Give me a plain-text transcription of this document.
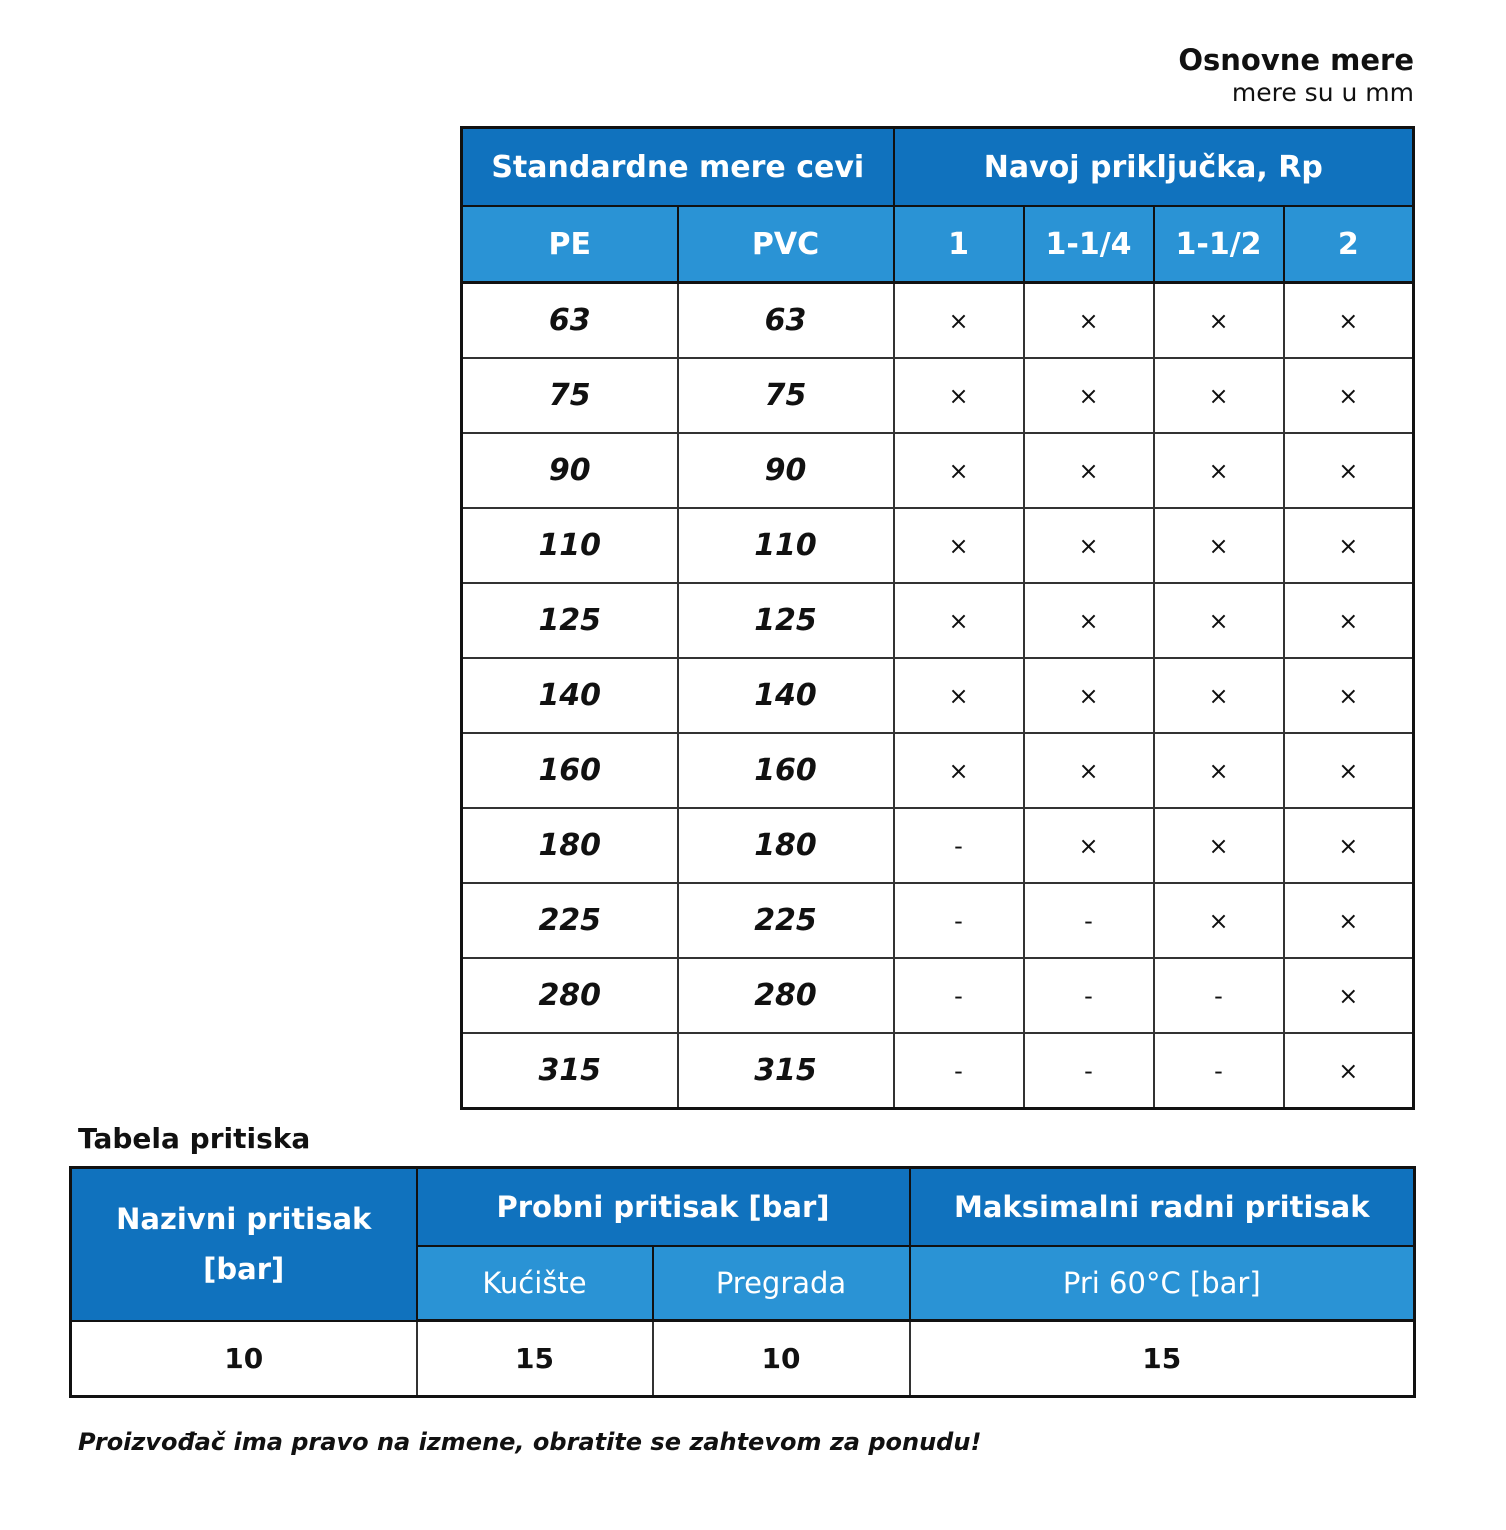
Osnovne mere
mere su u mm
Standardne mere cevi		Navoj priključka, Rp			
PE	PVC	1	1-1/4	1-1/2	2
63	63	×	×	×	×
75	75	×	×	×	×
90	90	×	×	×	×
110	110	×	×	×	×
125	125	×	×	×	×
140	140	×	×	×	×
160	160	×	×	×	×
180	180	-	×	×	×
225	225	-	-	×	×
280	280	-	-	-	×
315	315	-	-	-	×
Tabela pritiska
Nazivni pritisak [bar]	Probni pritisak [bar]		Maksimalni radni pritisak
	Kućište	Pregrada	Pri 60°C [bar]
10	15	10	15
Proizvođač ima pravo na izmene, obratite se zahtevom za ponudu!
